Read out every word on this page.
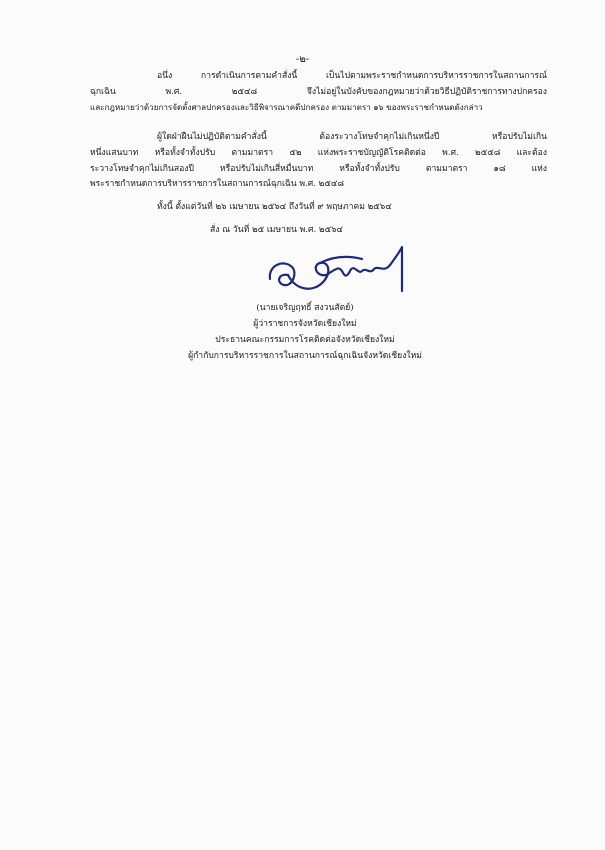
-๒-
อนึ่ง การดำเนินการตามคำสั่งนี้ เป็นไปตามพระราชกำหนดการบริหารราชการในสถานการณ์
ฉุกเฉิน พ.ศ. ๒๕๔๘ จึงไม่อยู่ในบังคับของกฎหมายว่าด้วยวิธีปฏิบัติราชการทางปกครอง
และกฎหมายว่าด้วยการจัดตั้งศาลปกครองและวิธีพิจารณาคดีปกครอง ตามมาตรา ๑๖ ของพระราชกำหนดดังกล่าว
ผู้ใดฝ่าฝืนไม่ปฏิบัติตามคำสั่งนี้ ต้องระวางโทษจำคุกไม่เกินหนึ่งปี หรือปรับไม่เกิน
หนึ่งแสนบาท หรือทั้งจำทั้งปรับ ตามมาตรา ๕๒ แห่งพระราชบัญญัติโรคติดต่อ พ.ศ. ๒๕๕๘ และต้อง
ระวางโทษจำคุกไม่เกินสองปี หรือปรับไม่เกินสี่หมื่นบาท หรือทั้งจำทั้งปรับ ตามมาตรา ๑๘ แห่ง
พระราชกำหนดการบริหารราชการในสถานการณ์ฉุกเฉิน พ.ศ. ๒๕๔๘
ทั้งนี้ ตั้งแต่วันที่ ๒๖ เมษายน ๒๕๖๔ ถึงวันที่ ๙ พฤษภาคม ๒๕๖๔
สั่ง ณ วันที่ ๒๕ เมษายน พ.ศ. ๒๕๖๔
(นายเจริญฤทธิ์ สงวนสัตย์)
ผู้ว่าราชการจังหวัดเชียงใหม่
ประธานคณะกรรมการโรคติดต่อจังหวัดเชียงใหม่
ผู้กำกับการบริหารราชการในสถานการณ์ฉุกเฉินจังหวัดเชียงใหม่
